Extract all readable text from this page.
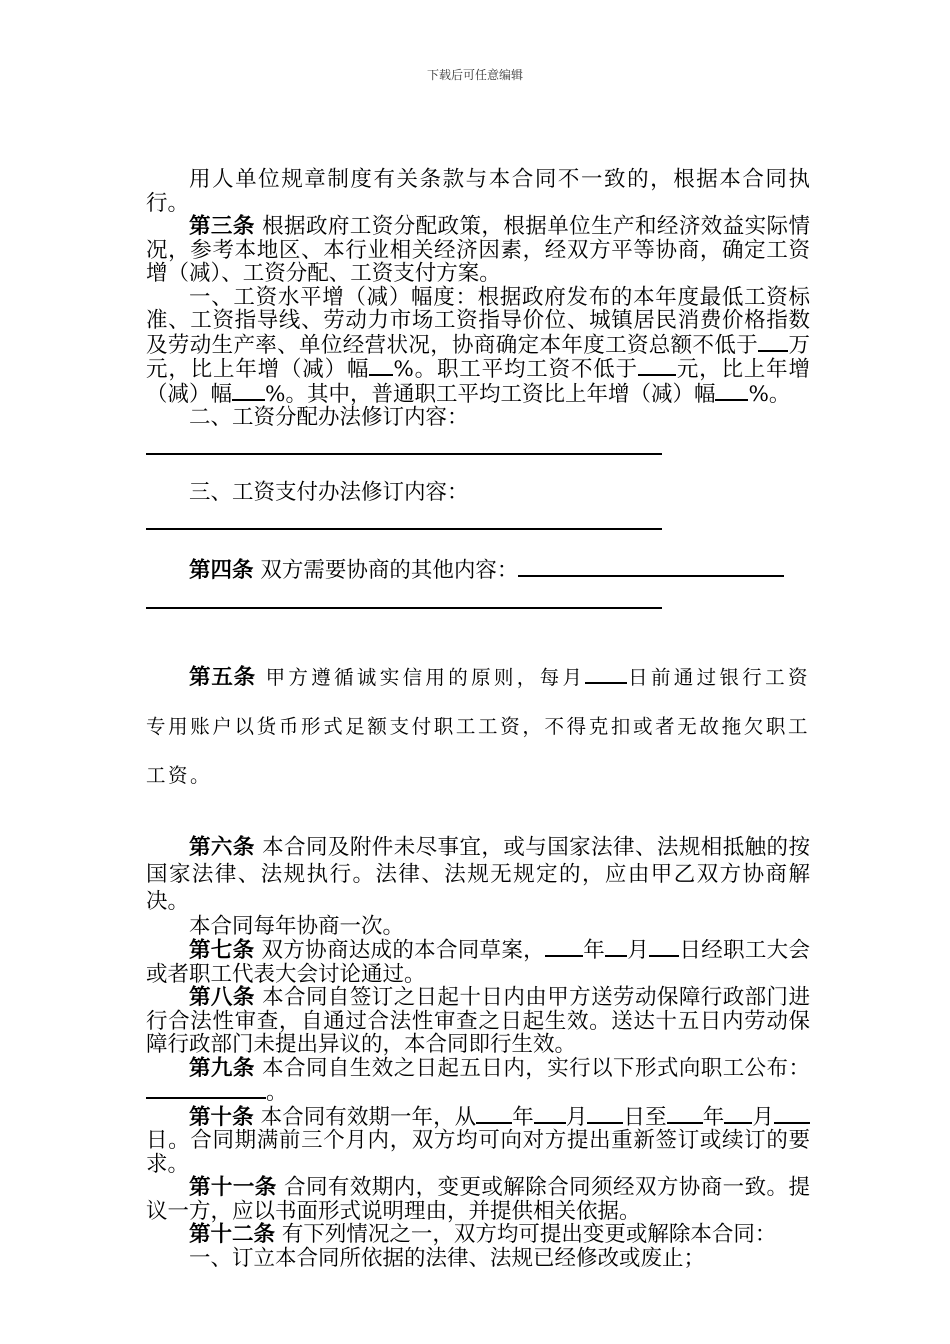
下载后可任意编辑

用人单位规章制度有关条款与本合同不一致的，根据本合同执行。

第三条 根据政府工资分配政策，根据单位生产和经济效益实际情况，参考本地区、本行业相关经济因素，经双方平等协商，确定工资增（减）、工资分配、工资支付方案。

一、工资水平增（减）幅度：根据政府发布的本年度最低工资标准、工资指导线、劳动力市场工资指导价位、城镇居民消费价格指数及劳动生产率、单位经营状况，协商确定本年度工资总额不低于 万元，比上年增（减）幅 %。职工平均工资不低于 元，比上年增（减）幅 %。其中，普通职工平均工资比上年增（减）幅 %。

二、工资分配办法修订内容：

三、工资支付办法修订内容：

第四条 双方需要协商的其他内容：

第五条 甲方遵循诚实信用的原则，每月 日前通过银行工资专用账户以货币形式足额支付职工工资，不得克扣或者无故拖欠职工工资。

第六条 本合同及附件未尽事宜，或与国家法律、法规相抵触的按国家法律、法规执行。法律、法规无规定的，应由甲乙双方协商解决。

本合同每年协商一次。

第七条 双方协商达成的本合同草案， 年 月 日经职工大会或者职工代表大会讨论通过。

第八条 本合同自签订之日起十日内由甲方送劳动保障行政部门进行合法性审查，自通过合法性审查之日起生效。送达十五日内劳动保障行政部门未提出异议的，本合同即行生效。

第九条 本合同自生效之日起五日内，实行以下形式向职工公布：。

第十条 本合同有效期一年，从 年 月 日至 年 月日。合同期满前三个月内，双方均可向对方提出重新签订或续订的要求。

第十一条 合同有效期内，变更或解除合同须经双方协商一致。提议一方，应以书面形式说明理由，并提供相关依据。

第十二条 有下列情况之一，双方均可提出变更或解除本合同：

一、订立本合同所依据的法律、法规已经修改或废止；
